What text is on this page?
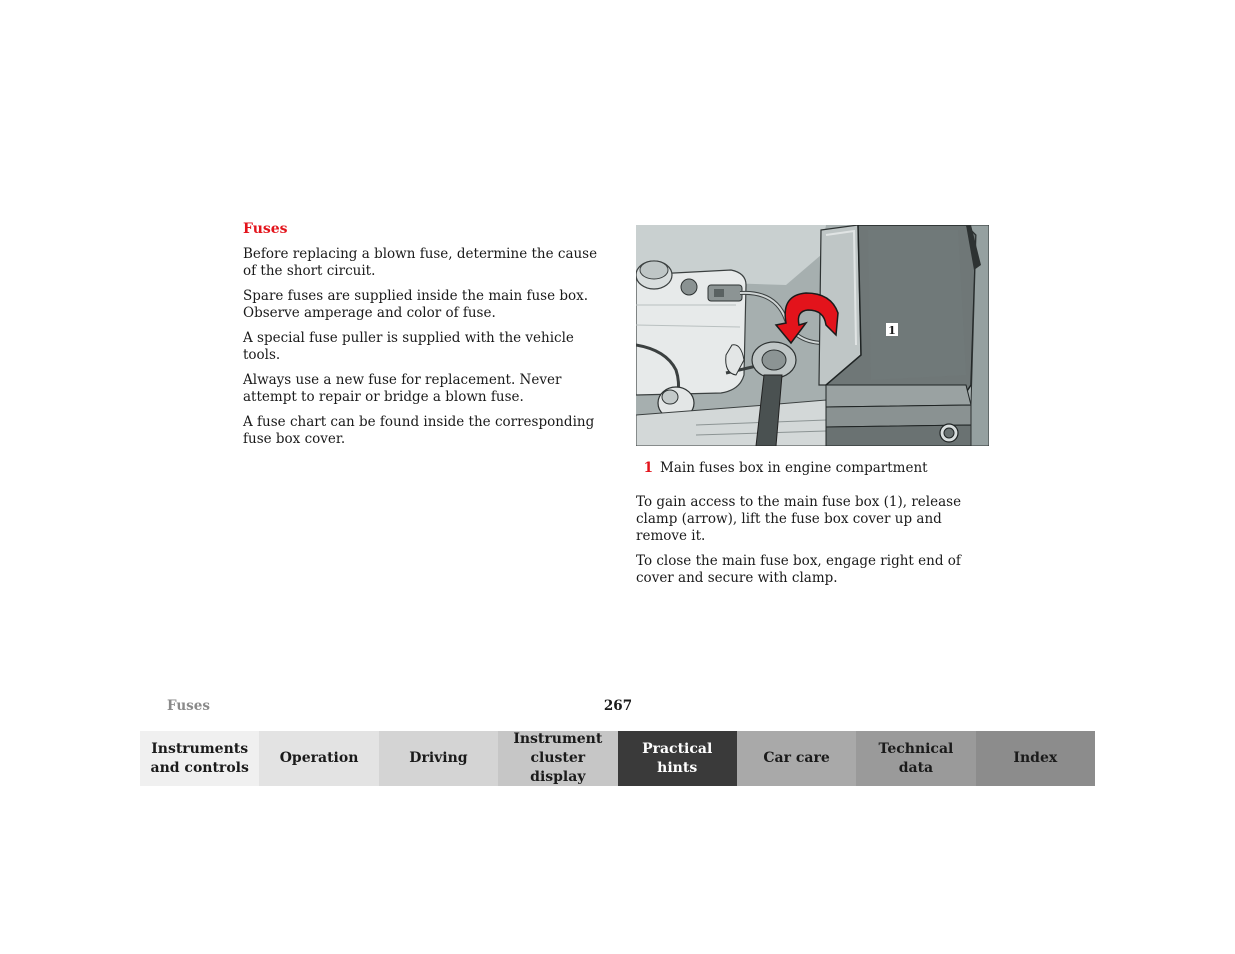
Fuses

Before replacing a blown fuse, determine the cause of the short circuit.

Spare fuses are supplied inside the main fuse box. Observe amperage and color of fuse.

A special fuse puller is supplied with the vehicle tools.

Always use a new fuse for replacement. Never attempt to repair or bridge a blown fuse.

A fuse chart can be found inside the corresponding fuse box cover.

1
1 Main fuses box in engine compartment

To gain access to the main fuse box (1), release clamp (arrow), lift the fuse box cover up and remove it.

To close the main fuse box, engage right end of cover and secure with clamp.

Fuses	267
Instruments
and controls
Operation	Driving
Instrument
cluster display
Practical hints
Car care
Technical
data
Index
